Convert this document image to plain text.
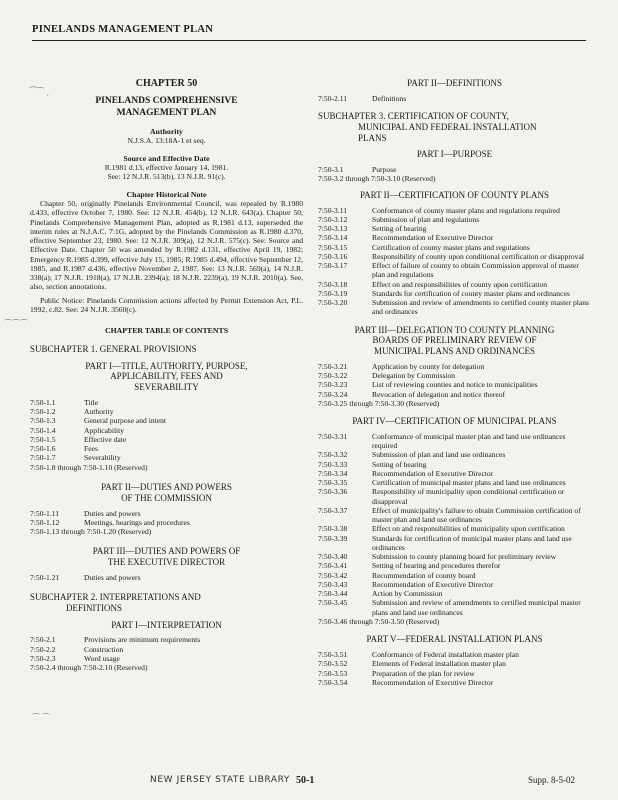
PINELANDS MANAGEMENT PLAN
⁀⌒ ˎ
⌒⌒⌒
⌒ ⌒
CHAPTER 50
PINELANDS COMPREHENSIVE
MANAGEMENT PLAN
Authority
N.J.S.A. 13:18A-1 et seq.
Source and Effective Date
R.1981 d.13, effective January 14, 1981.
See: 12 N.J.R. 513(b), 13 N.J.R. 91(c).
Chapter Historical Note

Chapter 50, originally Pinelands Environmental Council, was repealed by R.1980 d.433, effective October 7, 1980. See: 12 N.J.R. 454(b), 12 N.J.R. 643(a). Chapter 50, Pinelands Comprehensive Management Plan, adopted as R.1981 d.13, superseded the interim rules at N.J.A.C. 7:1G, adopted by the Pinelands Commission as R.1980 d.370, effective September 23, 1980. See: 12 N.J.R. 309(a), 12 N.J.R. 575(c). See: Source and Effective Date. Chapter 50 was amended by R.1982 d.131, effective April 19, 1982; Emergency R.1985 d.399, effective July 15, 1985; R.1985 d.494, effective September 12, 1985, and R.1987 d.436, effective November 2, 1987. See: 13 N.J.R. 569(a), 14 N.J.R. 338(a); 17 N.J.R. 1918(a), 17 N.J.R. 2394(a); 18 N.J.R. 2239(a), 19 N.J.R. 2010(a). See, also, section annotations.

Public Notice: Pinelands Commission actions affected by Permit Extension Act, P.L. 1992, c.82. See: 24 N.J.R. 3560(c).

CHAPTER TABLE OF CONTENTS
SUBCHAPTER 1. GENERAL PROVISIONS
PART I—TITLE, AUTHORITY, PURPOSE,
APPLICABILITY, FEES AND
SEVERABILITY
7:50-1.1	Title
7:50-1.2	Authority
7:50-1.3	General purpose and intent
7:50-1.4	Applicability
7:50-1.5	Effective date
7:50-1.6	Fees
7:50-1.7	Severability
7:50-1.8 through 7:50-1.10 (Reserved)
PART II—DUTIES AND POWERS
OF THE COMMISSION
7:50-1.11	Duties and powers
7:50-1.12	Meetings, hearings and procedures
7:50-1.13 through 7:50-1.20 (Reserved)
PART III—DUTIES AND POWERS OF
THE EXECUTIVE DIRECTOR
7:50-1.21	Duties and powers
SUBCHAPTER 2. INTERPRETATIONS AND
DEFINITIONS
PART I—INTERPRETATION
7:50-2.1	Provisions are minimum requirements
7:50-2.2	Construction
7:50-2.3	Word usage
7:50-2.4 through 7:50-2.10 (Reserved)
PART II—DEFINITIONS
7:50-2.11	Definitions
SUBCHAPTER 3. CERTIFICATION OF COUNTY,
MUNICIPAL AND FEDERAL INSTALLATION
PLANS
PART I—PURPOSE
7:50-3.1	Purpose
7:50-3.2 through 7:50-3.10 (Reserved)
PART II—CERTIFICATION OF COUNTY PLANS
7:50-3.11	Conformance of county master plans and regulations required
7:50-3.12	Submission of plan and regulations
7:50-3.13	Setting of hearing
7:50-3.14	Recommendation of Executive Director
7:50-3.15	Certification of county master plans and regulations
7:50-3.16	Responsibility of county upon conditional certification or disapproval
7:50-3.17	Effect of failure of county to obtain Commission approval of master plan and regulations
7:50-3.18	Effect on and responsibilities of county upon certification
7:50-3.19	Standards for certification of county master plans and ordinances
7:50-3.20	Submission and review of amendments to certified county master plans and ordinances
PART III—DELEGATION TO COUNTY PLANNING
BOARDS OF PRELIMINARY REVIEW OF
MUNICIPAL PLANS AND ORDINANCES
7:50-3.21	Application by county for delegation
7:50-3.22	Delegation by Commission
7:50-3.23	List of reviewing counties and notice to municipalities
7:50-3.24	Revocation of delegation and notice thereof
7:50-3.25 through 7:50-3.30 (Reserved)
PART IV—CERTIFICATION OF MUNICIPAL PLANS
7:50-3.31	Conformance of municipal master plan and land use ordinances required
7:50-3.32	Submission of plan and land use ordinances
7:50-3.33	Setting of hearing
7:50-3.34	Recommendation of Executive Director
7:50-3.35	Certification of municipal master plans and land use ordinances
7:50-3.36	Responsibility of municipality upon conditional certification or disapproval
7:50-3.37	Effect of municipality's failure to obtain Commission certification of master plan and land use ordinances
7:50-3.38	Effect on and responsibilities of municipality upon certification
7:50-3.39	Standards for certification of municipal master plans and land use ordinances
7:50-3.40	Submission to county planning board for preliminary review
7:50-3.41	Setting of hearing and procedures therefor
7:50-3.42	Recommendation of county board
7:50-3.43	Recommendation of Executive Director
7:50-3.44	Action by Commission
7:50-3.45	Submission and review of amendments to certified municipal master plans and land use ordinances
7:50-3.46 through 7:50-3.50 (Reserved)
PART V—FEDERAL INSTALLATION PLANS
7:50-3.51	Conformance of Federal installation master plan
7:50-3.52	Elements of Federal installation master plan
7:50-3.53	Preparation of the plan for review
7:50-3.54	Recommendation of Executive Director
NEW JERSEY STATE LIBRARY 50-1	Supp. 8-5-02
